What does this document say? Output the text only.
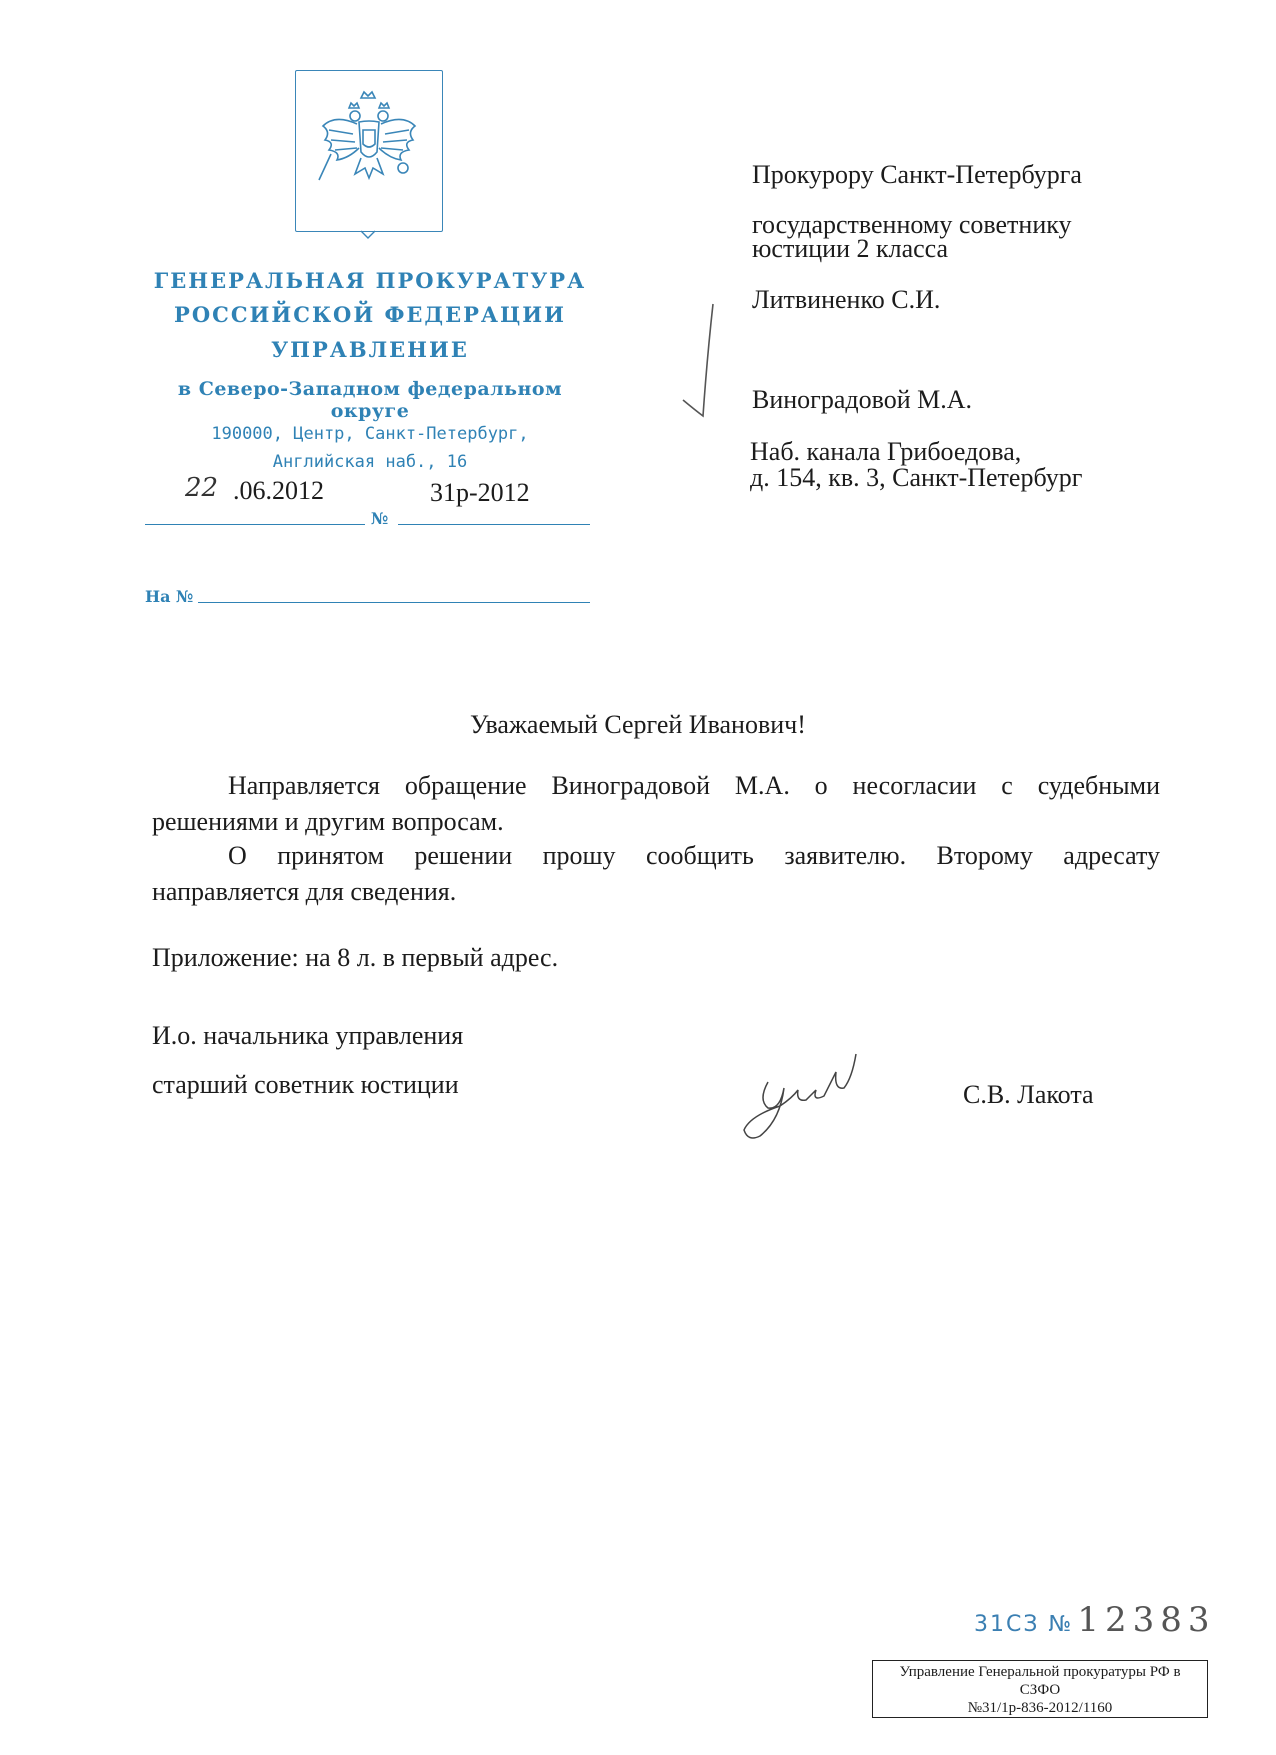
ГЕНЕРАЛЬНАЯ ПРОКУРАТУРА
РОССИЙСКОЙ ФЕДЕРАЦИИ
УПРАВЛЕНИЕ
в Северо-Западном федеральном округе
190000, Центр, Санкт-Петербург,
Английская наб., 16
22 .06.2012	31р-2012
№
На №
Прокурору Санкт-Петербурга
государственному советнику
юстиции 2 класса
Литвиненко С.И.
Виноградовой М.А.
Наб. канала Грибоедова,
д. 154, кв. 3, Санкт-Петербург
Уважаемый Сергей Иванович!
Направляется обращение Виноградовой М.А. о несогласии с судебными
решениями и другим вопросам.
О принятом решении прошу сообщить заявителю. Второму адресату
направляется для сведения.
Приложение: на 8 л. в первый адрес.
И.о. начальника управления
старший советник юстиции	С.В. Лакота
31СЗ № 12383
Управление Генеральной прокуратуры РФ в
СЗФО
№31/1р-836-2012/1160
